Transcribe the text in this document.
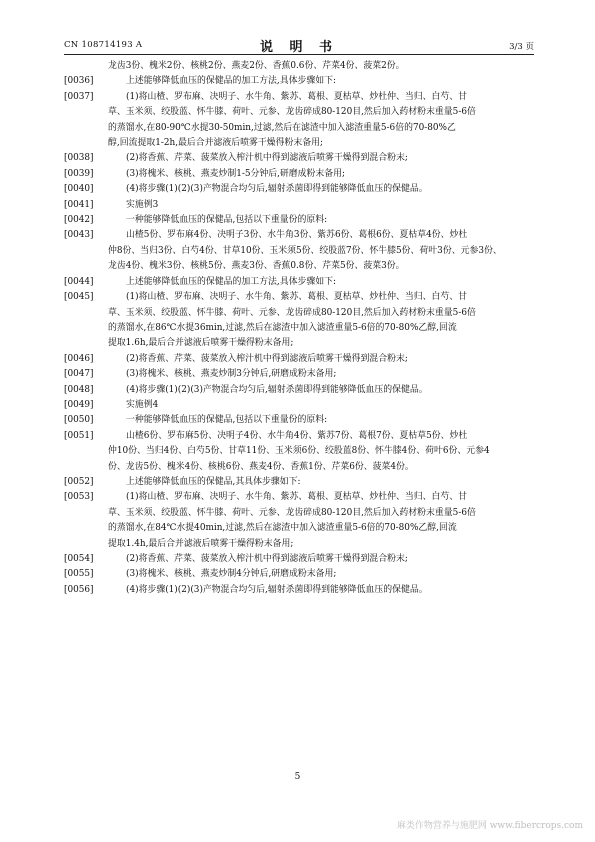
CN 108714193 A	说 明 书	3/3 页
龙齿3份、槐米2份、核桃2份、燕麦2份、香蕉0.6份、芹菜4份、菠菜2份。
[0036]	上述能够降低血压的保健品的加工方法,具体步骤如下:
[0037]	(1)将山楂、罗布麻、决明子、水牛角、紫苏、葛根、夏枯草、炒杜仲、当归、白芍、甘
草、玉米须、绞股蓝、怀牛膝、荷叶、元参、龙齿碎成80-120目,然后加入药材粉末重量5-6倍
的蒸馏水,在80-90℃水提30-50min,过滤,然后在滤渣中加入滤渣重量5-6倍的70-80%乙
醇,回流提取1-2h,最后合并滤液后喷雾干燥得粉末备用;
[0038]	(2)将香蕉、芹菜、菠菜放入榨汁机中得到滤液后喷雾干燥得到混合粉末;
[0039]	(3)将槐米、核桃、燕麦炒制1-5分钟后,研磨成粉末备用;
[0040]	(4)将步骤(1)(2)(3)产物混合均匀后,辐射杀菌即得到能够降低血压的保健品。
[0041]	实施例3
[0042]	一种能够降低血压的保健品,包括以下重量份的原料:
[0043]	山楂5份、罗布麻4份、决明子3份、水牛角3份、紫苏6份、葛根6份、夏枯草4份、炒杜
仲8份、当归3份、白芍4份、甘草10份、玉米须5份、绞股蓝7份、怀牛膝5份、荷叶3份、元参3份、
龙齿4份、槐米3份、核桃5份、燕麦3份、香蕉0.8份、芹菜5份、菠菜3份。
[0044]	上述能够降低血压的保健品的加工方法,具体步骤如下:
[0045]	(1)将山楂、罗布麻、决明子、水牛角、紫苏、葛根、夏枯草、炒杜仲、当归、白芍、甘
草、玉米须、绞股蓝、怀牛膝、荷叶、元参、龙齿碎成80-120目,然后加入药材粉末重量5-6倍
的蒸馏水,在86℃水提36min,过滤,然后在滤渣中加入滤渣重量5-6倍的70-80%乙醇,回流
提取1.6h,最后合并滤液后喷雾干燥得粉末备用;
[0046]	(2)将香蕉、芹菜、菠菜放入榨汁机中得到滤液后喷雾干燥得到混合粉末;
[0047]	(3)将槐米、核桃、燕麦炒制3分钟后,研磨成粉末备用;
[0048]	(4)将步骤(1)(2)(3)产物混合均匀后,辐射杀菌即得到能够降低血压的保健品。
[0049]	实施例4
[0050]	一种能够降低血压的保健品,包括以下重量份的原料:
[0051]	山楂6份、罗布麻5份、决明子4份、水牛角4份、紫苏7份、葛根7份、夏枯草5份、炒杜
仲10份、当归4份、白芍5份、甘草11份、玉米须6份、绞股蓝8份、怀牛膝4份、荷叶6份、元参4
份、龙齿5份、槐米4份、核桃6份、燕麦4份、香蕉1份、芹菜6份、菠菜4份。
[0052]	上述能够降低血压的保健品,其具体步骤如下:
[0053]	(1)将山楂、罗布麻、决明子、水牛角、紫苏、葛根、夏枯草、炒杜仲、当归、白芍、甘
草、玉米须、绞股蓝、怀牛膝、荷叶、元参、龙齿碎成80-120目,然后加入药材粉末重量5-6倍
的蒸馏水,在84℃水提40min,过滤,然后在滤渣中加入滤渣重量5-6倍的70-80%乙醇,回流
提取1.4h,最后合并滤液后喷雾干燥得粉末备用;
[0054]	(2)将香蕉、芹菜、菠菜放入榨汁机中得到滤液后喷雾干燥得到混合粉末;
[0055]	(3)将槐米、核桃、燕麦炒制4分钟后,研磨成粉末备用;
[0056]	(4)将步骤(1)(2)(3)产物混合均匀后,辐射杀菌即得到能够降低血压的保健品。
5
麻类作物营养与施肥网 www.fibercrops.com
